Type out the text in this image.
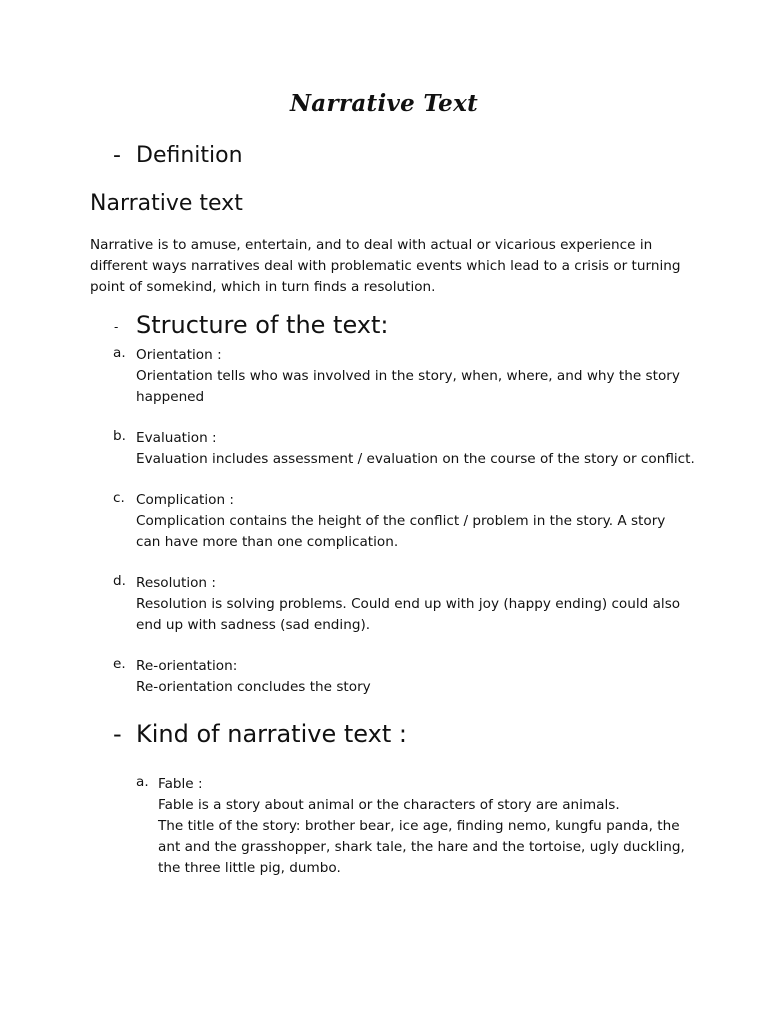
Narrative Text
- Definition
Narrative text
Narrative is to amuse, entertain, and to deal with actual or vicarious experience in
different ways narratives deal with problematic events which lead to a crisis or turning
point of somekind, which in turn finds a resolution.
- Structure of the text:
a. Orientation :
Orientation tells who was involved in the story, when, where, and why the story
happened
b. Evaluation :
Evaluation includes assessment / evaluation on the course of the story or conflict.
c. Complication :
Complication contains the height of the conflict / problem in the story. A story
can have more than one complication.
d. Resolution :
Resolution is solving problems. Could end up with joy (happy ending) could also
end up with sadness (sad ending).
e. Re-orientation:
Re-orientation concludes the story
- Kind of narrative text :
a. Fable :
Fable is a story about animal or the characters of story are animals.
The title of the story: brother bear, ice age, finding nemo, kungfu panda, the
ant and the grasshopper, shark tale, the hare and the tortoise, ugly duckling,
the three little pig, dumbo.
